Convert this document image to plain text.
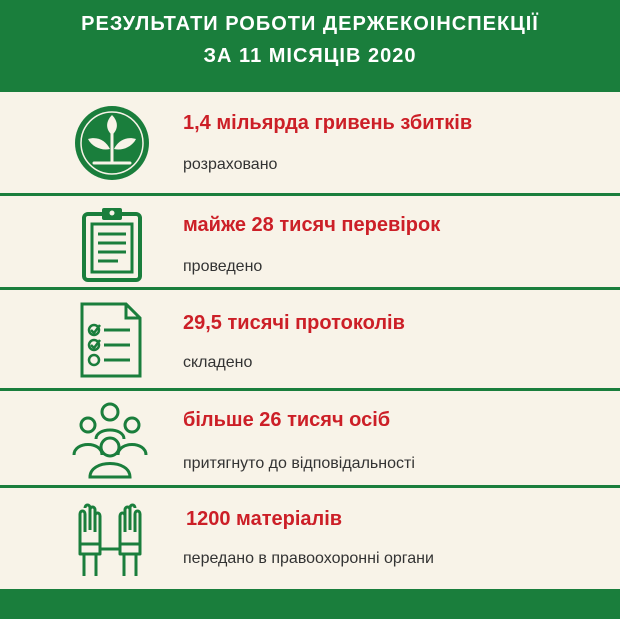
РЕЗУЛЬТАТИ РОБОТИ ДЕРЖЕКОІНСПЕКЦІЇ
ЗА 11 МІСЯЦІВ 2020
1,4 мільярда гривень збитків
розраховано
майже 28 тисяч перевірок
проведено
29,5 тисячі протоколів
складено
більше 26 тисяч осіб
притягнуто до відповідальності
1200 матеріалів
передано в правоохоронні органи
